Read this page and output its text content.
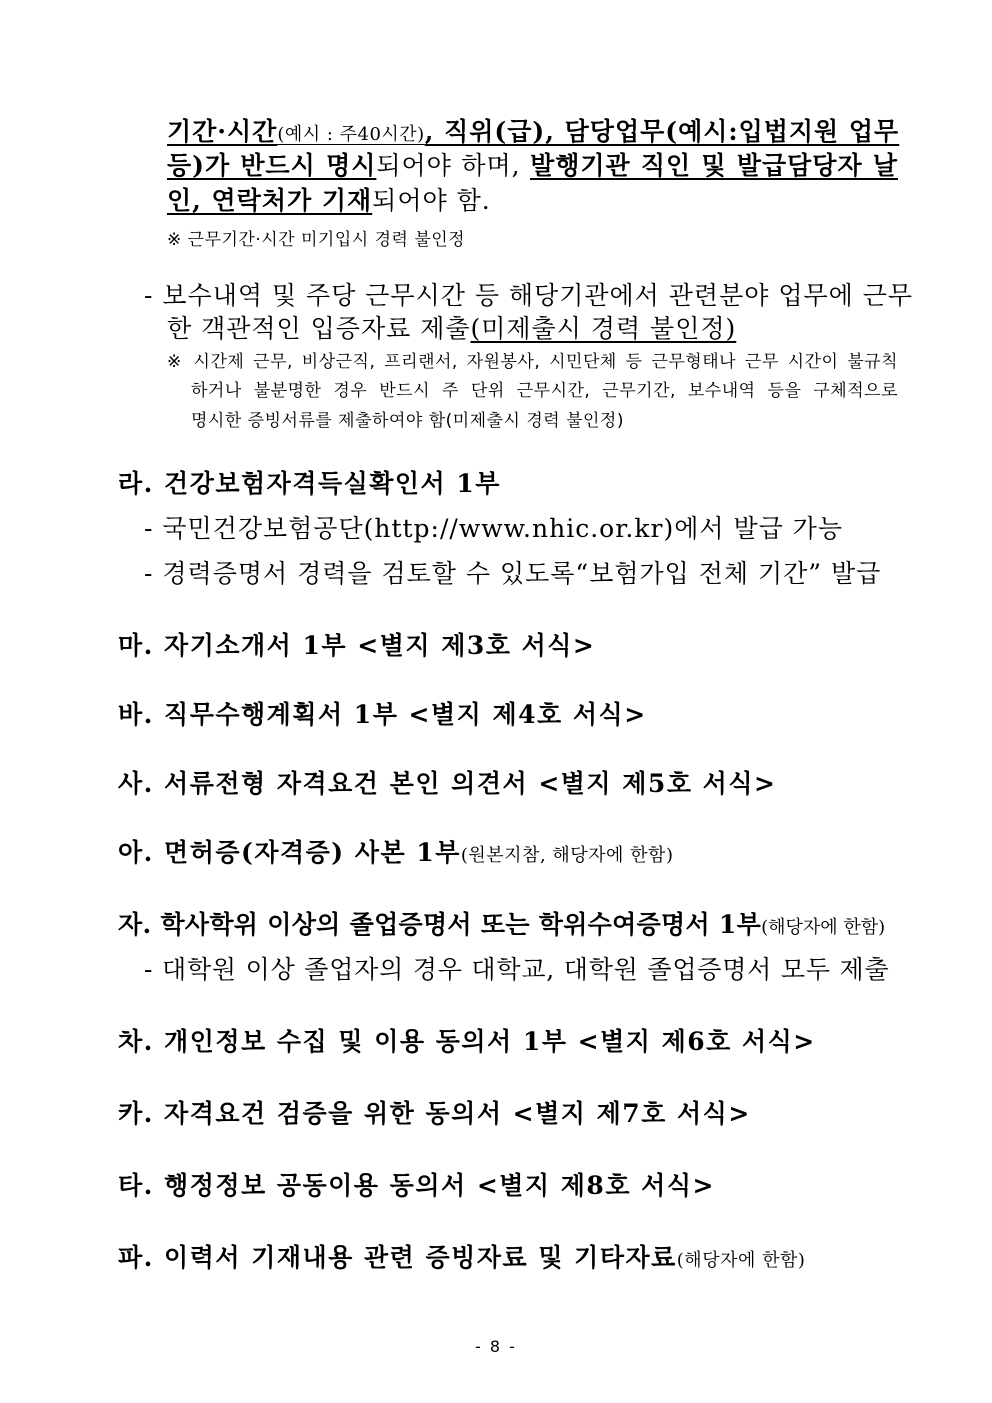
기간·시간(예시 : 주40시간), 직위(급), 담당업무(예시:입법지원 업무
등)가 반드시 명시되어야 하며, 발행기관 직인 및 발급담당자 날
인, 연락처가 기재되어야 함.
※ 근무기간·시간 미기입시 경력 불인정
- 보수내역 및 주당 근무시간 등 해당기관에서 관련분야 업무에 근무
한 객관적인 입증자료 제출(미제출시 경력 불인정)
※ 시간제 근무, 비상근직, 프리랜서, 자원봉사, 시민단체 등 근무형태나 근무 시간이 불규칙
하거나 불분명한 경우 반드시 주 단위 근무시간, 근무기간, 보수내역 등을 구체적으로
명시한 증빙서류를 제출하여야 함(미제출시 경력 불인정)
라. 건강보험자격득실확인서 1부
- 국민건강보험공단(http://www.nhic.or.kr)에서 발급 가능
- 경력증명서 경력을 검토할 수 있도록“보험가입 전체 기간” 발급
마. 자기소개서 1부 <별지 제3호 서식>
바. 직무수행계획서 1부 <별지 제4호 서식>
사. 서류전형 자격요건 본인 의견서 <별지 제5호 서식>
아. 면허증(자격증) 사본 1부(원본지참, 해당자에 한함)
자. 학사학위 이상의 졸업증명서 또는 학위수여증명서 1부(해당자에 한함)
- 대학원 이상 졸업자의 경우 대학교, 대학원 졸업증명서 모두 제출
차. 개인정보 수집 및 이용 동의서 1부 <별지 제6호 서식>
카. 자격요건 검증을 위한 동의서 <별지 제7호 서식>
타. 행정정보 공동이용 동의서 <별지 제8호 서식>
파. 이력서 기재내용 관련 증빙자료 및 기타자료(해당자에 한함)
- 8 -
